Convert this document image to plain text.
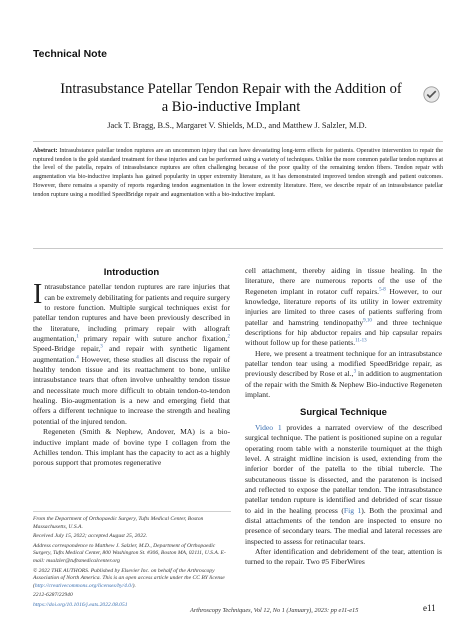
Technical Note
Intrasubstance Patellar Tendon Repair with the Addition of a Bio-inductive Implant
Jack T. Bragg, B.S., Margaret V. Shields, M.D., and Matthew J. Salzler, M.D.
Abstract: Intrasubstance patellar tendon ruptures are an uncommon injury that can have devastating long-term effects for patients. Operative intervention to repair the ruptured tendon is the gold standard treatment for these injuries and can be performed using a variety of techniques. Unlike the more common patellar tendon ruptures at the level of the patella, repairs of intrasubstance ruptures are often challenging because of the poor quality of the remaining tendon fibers. Tendon repair with augmentation via bio-inductive implants has gained popularity in upper extremity literature, as it has demonstrated improved tendon strength and patient outcomes. However, there remains a sparsity of reports regarding tendon augmentation in the lower extremity literature. Here, we describe repair of an intrasubstance patellar tendon rupture using a modified SpeedBridge repair and augmentation with a bio-inductive implant.
Introduction

Intrasubstance patellar tendon ruptures are rare injuries that can be extremely debilitating for patients and require surgery to restore function. Multiple surgical techniques exist for patellar tendon ruptures and have been previously described in the literature, including primary repair with allograft augmentation,$^1$ primary repair with suture anchor fixation,$^2$ Speed-Bridge repair,$^3$ and repair with synthetic ligament augmentation.$^4$ However, these studies all discuss the repair of healthy tendon tissue and its reattachment to bone, unlike intrasubstance tears that often involve unhealthy tendon tissue and necessitate much more difficult to obtain tendon-to-tendon healing. Bio-augmentation is a new and emerging field that offers a different technique to increase the strength and healing potential of the injured tendon.

Regeneten (Smith & Nephew, Andover, MA) is a bio-inductive implant made of bovine type I collagen from the Achilles tendon. This implant has the capacity to act as a highly porous support that promotes regenerative

From the Department of Orthopaedic Surgery, Tufts Medical Center, Boston Massachusetts, U.S.A.

Received July 15, 2022; accepted August 25, 2022.

Address correspondence to Matthew J. Salzler, M.D., Department of Orthopaedic Surgery, Tufts Medical Center, 800 Washington St. #306, Boston MA, 02111, U.S.A. E-mail: msalzler@tuftsmedicalcenter.org

© 2022 THE AUTHORS. Published by Elsevier Inc. on behalf of the Arthroscopy Association of North America. This is an open access article under the CC BY license (http://creativecommons.org/licenses/by/4.0/).

2212-6287/22940

https://doi.org/10.1016/j.eats.2022.08.051

cell attachment, thereby aiding in tissue healing. In the literature, there are numerous reports of the use of the Regeneten implant in rotator cuff repairs.$^{5-8}$ However, to our knowledge, literature reports of its utility in lower extremity injuries are limited to three cases of patients suffering from patellar and hamstring tendinopathy$^{9,10}$ and three technique descriptions for hip abductor repairs and hip capsular repairs without follow up for these patients.$^{11-13}$

Here, we present a treatment technique for an intrasubstance patellar tendon tear using a modified SpeedBridge repair, as previously described by Rose et al.,$^3$ in addition to augmentation of the repair with the Smith & Nephew Bio-inductive Regeneten implant.

Surgical Technique

Video 1 provides a narrated overview of the described surgical technique. The patient is positioned supine on a regular operating room table with a nonsterile tourniquet at the thigh level. A straight midline incision is used, extending from the inferior border of the patella to the tibial tubercle. The subcutaneous tissue is dissected, and the paratenon is incised and reflected to expose the patellar tendon. The intrasubstance patellar tendon rupture is identified and debrided of scar tissue to aid in the healing process (Fig 1). Both the proximal and distal attachments of the tendon are inspected to ensure no presence of secondary tears. The medial and lateral recesses are inspected to assess for retinacular tears.

After identification and debridement of the tear, attention is turned to the repair. Two #5 FiberWires

Arthroscopy Techniques, Vol 12, No 1 (January), 2023: pp e11-e15	e11
